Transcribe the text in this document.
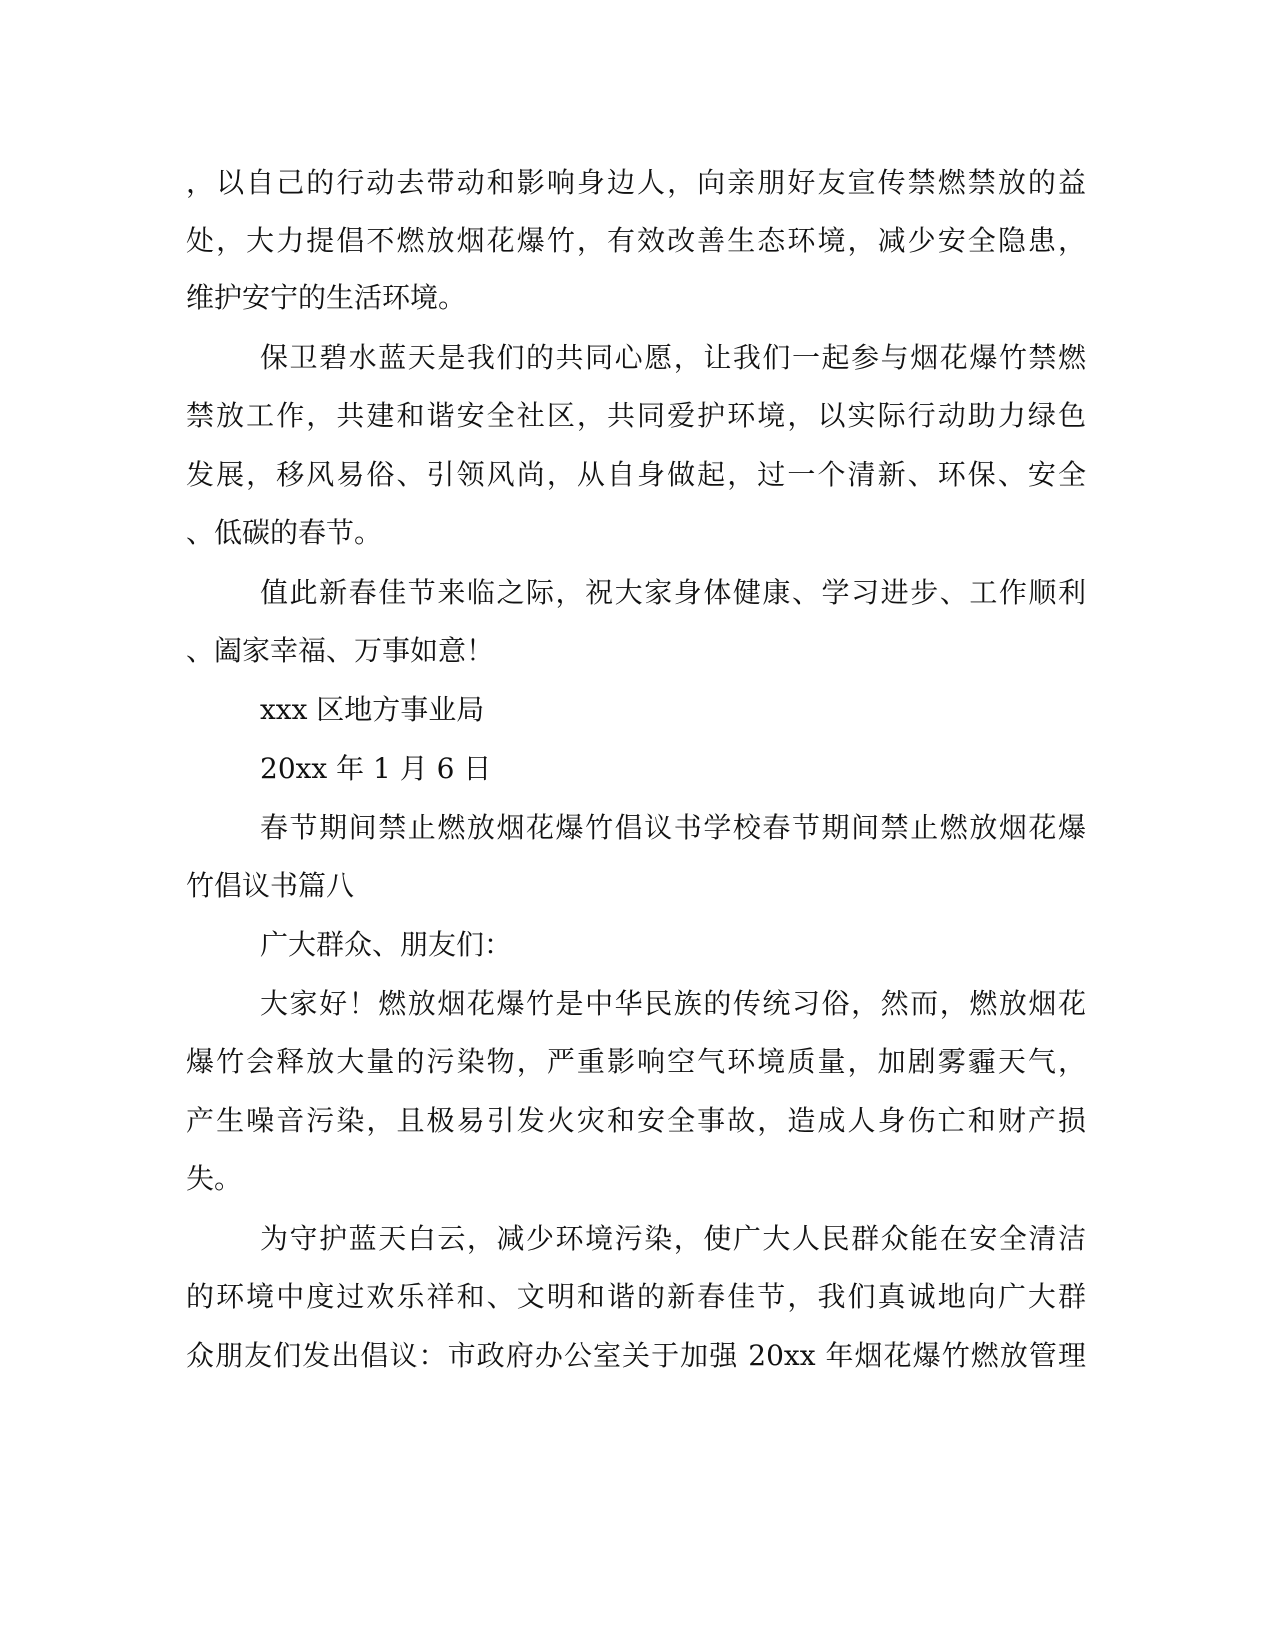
，以自己的行动去带动和影响身边人，向亲朋好友宣传禁燃禁放的益
处，大力提倡不燃放烟花爆竹，有效改善生态环境，减少安全隐患，
维护安宁的生活环境。
保卫碧水蓝天是我们的共同心愿，让我们一起参与烟花爆竹禁燃
禁放工作，共建和谐安全社区，共同爱护环境，以实际行动助力绿色
发展，移风易俗、引领风尚，从自身做起，过一个清新、环保、安全
、低碳的春节。
值此新春佳节来临之际，祝大家身体健康、学习进步、工作顺利
、阖家幸福、万事如意！
xxx 区地方事业局
20xx 年 1 月 6 日
春节期间禁止燃放烟花爆竹倡议书学校春节期间禁止燃放烟花爆
竹倡议书篇八
广大群众、朋友们：
大家好！燃放烟花爆竹是中华民族的传统习俗，然而，燃放烟花
爆竹会释放大量的污染物，严重影响空气环境质量，加剧雾霾天气，
产生噪音污染，且极易引发火灾和安全事故，造成人身伤亡和财产损
失。
为守护蓝天白云，减少环境污染，使广大人民群众能在安全清洁
的环境中度过欢乐祥和、文明和谐的新春佳节，我们真诚地向广大群
众朋友们发出倡议：市政府办公室关于加强 20xx 年烟花爆竹燃放管理
